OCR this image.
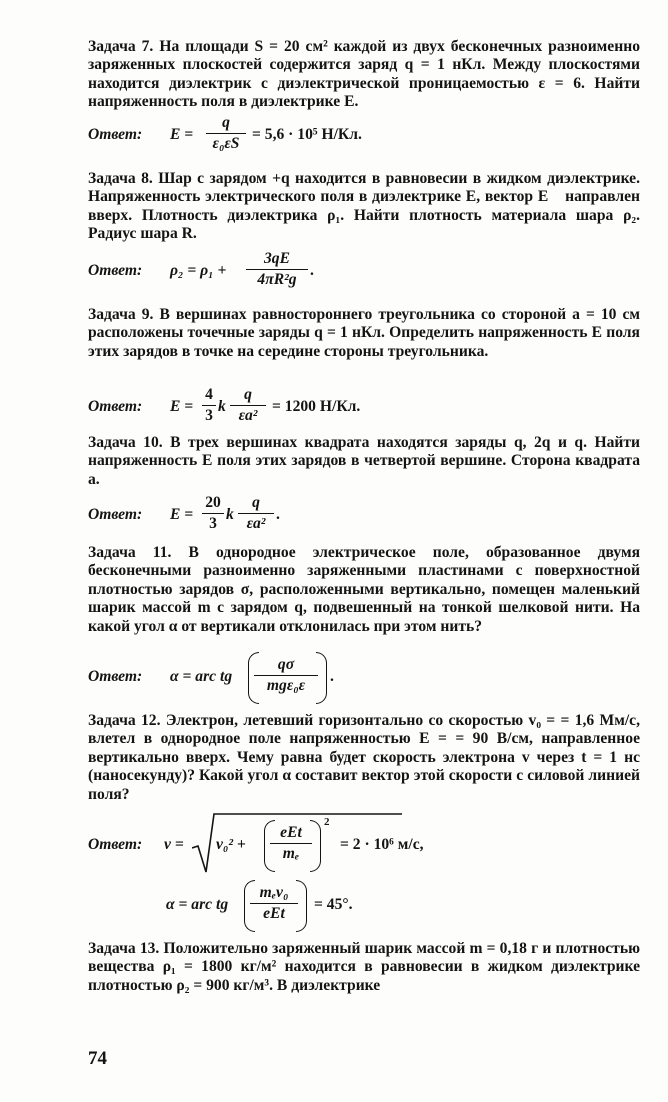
Задача 7. На площади S = 20 см² каждой из двух бесконечных разноименно заряженных плоскостей содержится заряд q = 1 нКл. Между плоскостями находится диэлектрик с диэлектрической проницаемостью ε = 6. Найти напряженность поля в диэлектрике E.

Ответ: E =
q
ε₀εS
= 5,6 · 10⁵ Н/Кл.

Задача 8. Шар с зарядом +q находится в равновесии в жидком диэлектрике. Напряженность электрического поля в диэлектрике E, вектор E⃗ направлен вверх. Плотность диэлектрика ρ₁. Найти плотность материала шара ρ₂. Радиус шара R.

Ответ: ρ₂ = ρ₁ +
3qE
4πR²g
.

Задача 9. В вершинах равностороннего треугольника со стороной a = 10 см расположены точечные заряды q = 1 нКл. Определить напряженность E поля этих зарядов в точке на середине стороны треугольника.

Ответ: E =
4
3
k
q
εa²
= 1200 Н/Кл.

Задача 10. В трех вершинах квадрата находятся заряды q, 2q и q. Найти напряженность E поля этих зарядов в четвертой вершине. Сторона квадрата a.

Ответ: E =
20
3
k
q
εa²
.

Задача 11. В однородное электрическое поле, образованное двумя бесконечными разноименно заряженными пластинами с поверхностной плотностью зарядов σ, расположенными вертикально, помещен маленький шарик массой m с зарядом q, подвешенный на тонкой шелковой нити. На какой угол α от вертикали отклонилась при этом нить?

Ответ: α = arc tg
qσ
mgε₀ε
.

Задача 12. Электрон, летевший горизонтально со скоростью v₀ = = 1,6 Мм/с, влетел в однородное поле напряженностью E = = 90 В/см, направленное вертикально вверх. Чему равна будет скорость электрона v через t = 1 нс (наносекунду)? Какой угол α составит вектор этой скорости с силовой линией поля?

Ответ: v = v₀² +
eEt
mₑ
2
= 2 · 10⁶ м/с,
α = arc tg
mₑv₀
eEt
= 45°.

Задача 13. Положительно заряженный шарик массой m = 0,18 г и плотностью вещества ρ₁ = 1800 кг/м² находится в равновесии в жидком диэлектрике плотностью ρ₂ = 900 кг/м³. В диэлектрике

74
